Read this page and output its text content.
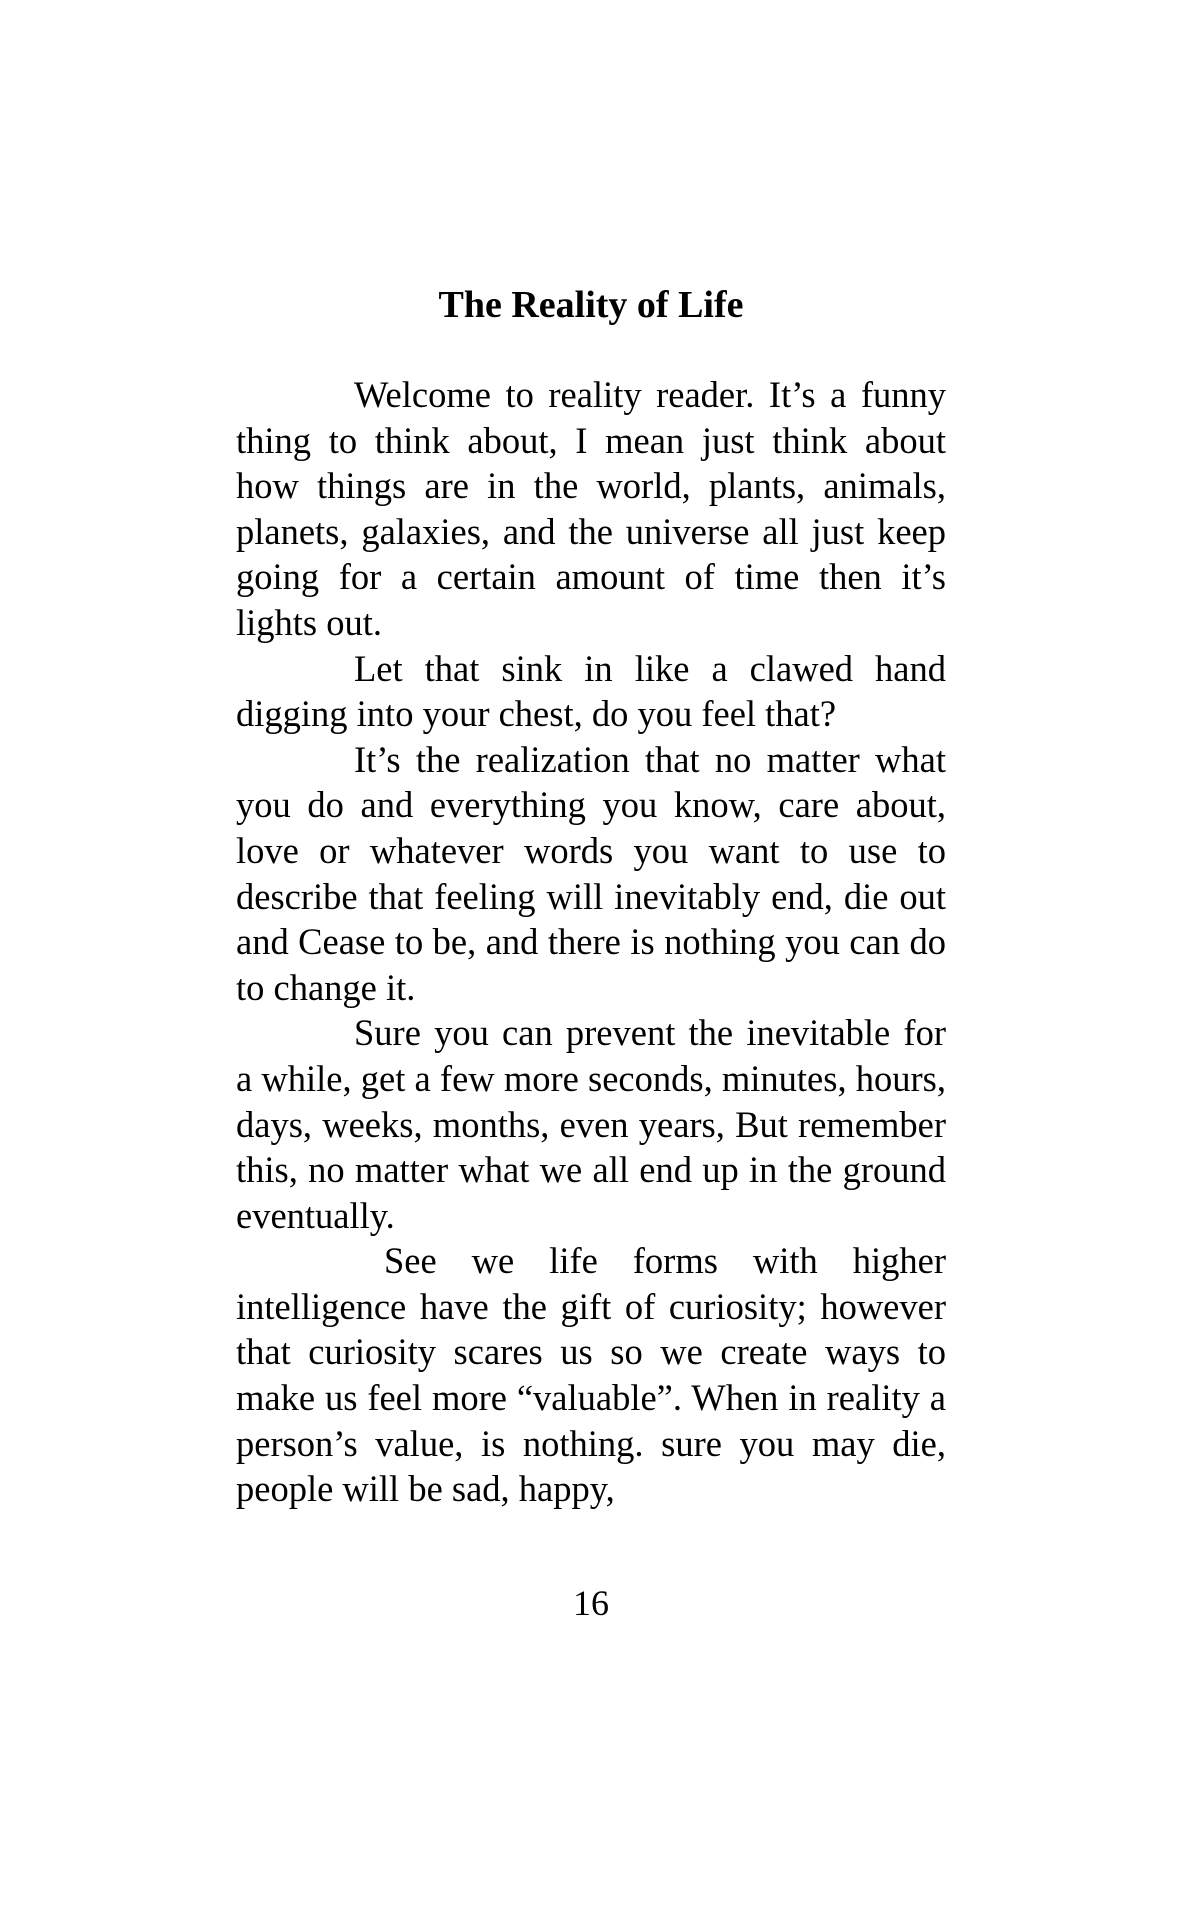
The Reality of Life

Welcome to reality reader. It’s a funny thing to think about, I mean just think about how things are in the world, plants, animals, planets, galaxies, and the universe all just keep going for a certain amount of time then it’s lights out.

Let that sink in like a clawed hand digging into your chest, do you feel that?

It’s the realization that no matter what you do and everything you know, care about, love or whatever words you want to use to describe that feeling will inevitably end, die out and Cease to be, and there is nothing you can do to change it.

Sure you can prevent the inevitable for a while, get a few more seconds, minutes, hours, days, weeks, months, even years, But remember this, no matter what we all end up in the ground eventually.

See we life forms with higher intelligence have the gift of curiosity; however that curiosity scares us so we create ways to make us feel more “valuable”. When in reality a person’s value, is nothing. sure you may die, people will be sad, happy,

16
